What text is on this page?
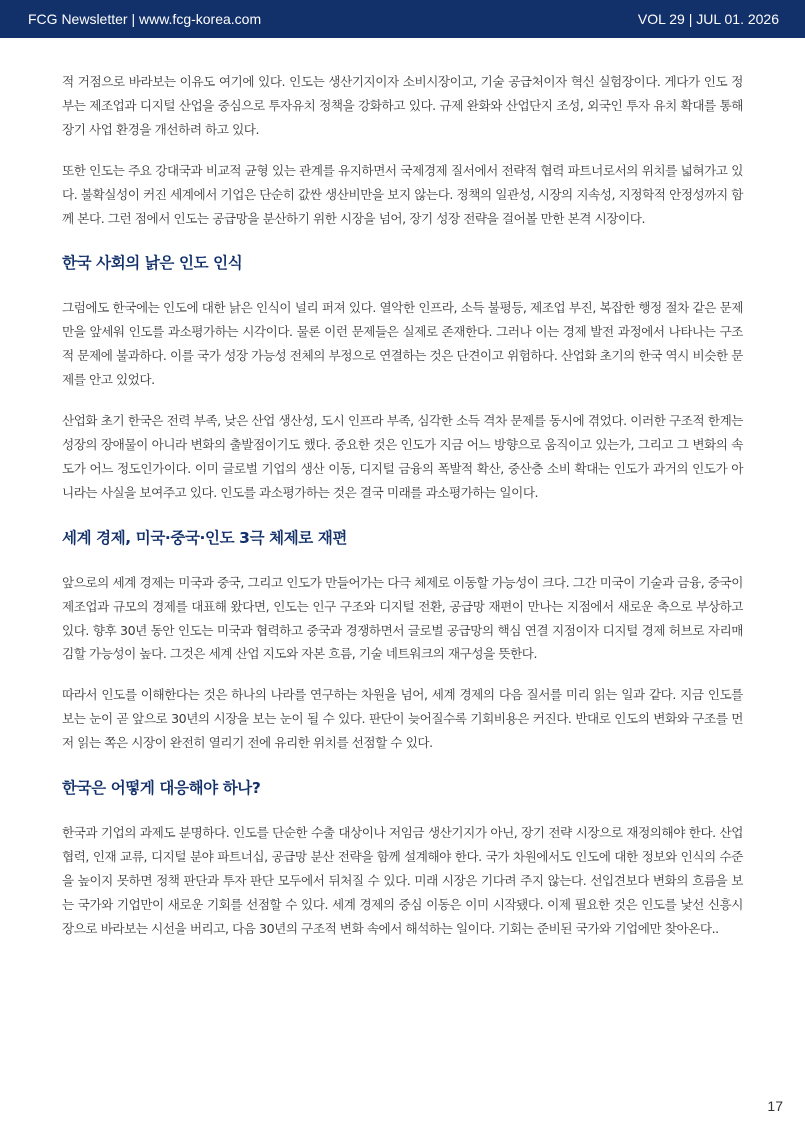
FCG Newsletter | www.fcg-korea.com	VOL 29 | JUL 01. 2026

적 거점으로 바라보는 이유도 여기에 있다. 인도는 생산기지이자 소비시장이고, 기술 공급처이자 혁신 실험장이다. 게다가 인도 정부는 제조업과 디지털 산업을 중심으로 투자유치 정책을 강화하고 있다. 규제 완화와 산업단지 조성, 외국인 투자 유치 확대를 통해 장기 사업 환경을 개선하려 하고 있다.

또한 인도는 주요 강대국과 비교적 균형 있는 관계를 유지하면서 국제경제 질서에서 전략적 협력 파트너로서의 위치를 넓혀가고 있다. 불확실성이 커진 세계에서 기업은 단순히 값싼 생산비만을 보지 않는다. 정책의 일관성, 시장의 지속성, 지정학적 안정성까지 함께 본다. 그런 점에서 인도는 공급망을 분산하기 위한 시장을 넘어, 장기 성장 전략을 걸어볼 만한 본격 시장이다.

한국 사회의 낡은 인도 인식

그럼에도 한국에는 인도에 대한 낡은 인식이 널리 퍼져 있다. 열악한 인프라, 소득 불평등, 제조업 부진, 복잡한 행정 절차 같은 문제만을 앞세워 인도를 과소평가하는 시각이다. 물론 이런 문제들은 실제로 존재한다. 그러나 이는 경제 발전 과정에서 나타나는 구조적 문제에 불과하다. 이를 국가 성장 가능성 전체의 부정으로 연결하는 것은 단견이고 위험하다. 산업화 초기의 한국 역시 비슷한 문제를 안고 있었다.

산업화 초기 한국은 전력 부족, 낮은 산업 생산성, 도시 인프라 부족, 심각한 소득 격차 문제를 동시에 겪었다. 이러한 구조적 한계는 성장의 장애물이 아니라 변화의 출발점이기도 했다. 중요한 것은 인도가 지금 어느 방향으로 움직이고 있는가, 그리고 그 변화의 속도가 어느 정도인가이다. 이미 글로벌 기업의 생산 이동, 디지털 금융의 폭발적 확산, 중산층 소비 확대는 인도가 과거의 인도가 아니라는 사실을 보여주고 있다. 인도를 과소평가하는 것은 결국 미래를 과소평가하는 일이다.

세계 경제, 미국·중국·인도 3극 체제로 재편

앞으로의 세계 경제는 미국과 중국, 그리고 인도가 만들어가는 다극 체제로 이동할 가능성이 크다. 그간 미국이 기술과 금융, 중국이 제조업과 규모의 경제를 대표해 왔다면, 인도는 인구 구조와 디지털 전환, 공급망 재편이 만나는 지점에서 새로운 축으로 부상하고 있다. 향후 30년 동안 인도는 미국과 협력하고 중국과 경쟁하면서 글로벌 공급망의 핵심 연결 지점이자 디지털 경제 허브로 자리매김할 가능성이 높다. 그것은 세계 산업 지도와 자본 흐름, 기술 네트워크의 재구성을 뜻한다.

따라서 인도를 이해한다는 것은 하나의 나라를 연구하는 차원을 넘어, 세계 경제의 다음 질서를 미리 읽는 일과 같다. 지금 인도를 보는 눈이 곧 앞으로 30년의 시장을 보는 눈이 될 수 있다. 판단이 늦어질수록 기회비용은 커진다. 반대로 인도의 변화와 구조를 먼저 읽는 쪽은 시장이 완전히 열리기 전에 유리한 위치를 선점할 수 있다.

한국은 어떻게 대응해야 하나?

한국과 기업의 과제도 분명하다. 인도를 단순한 수출 대상이나 저임금 생산기지가 아닌, 장기 전략 시장으로 재정의해야 한다. 산업 협력, 인재 교류, 디지털 분야 파트너십, 공급망 분산 전략을 함께 설계해야 한다. 국가 차원에서도 인도에 대한 정보와 인식의 수준을 높이지 못하면 정책 판단과 투자 판단 모두에서 뒤처질 수 있다. 미래 시장은 기다려 주지 않는다. 선입견보다 변화의 흐름을 보는 국가와 기업만이 새로운 기회를 선점할 수 있다. 세계 경제의 중심 이동은 이미 시작됐다. 이제 필요한 것은 인도를 낯선 신흥시장으로 바라보는 시선을 버리고, 다음 30년의 구조적 변화 속에서 해석하는 일이다. 기회는 준비된 국가와 기업에만 찾아온다..

17
